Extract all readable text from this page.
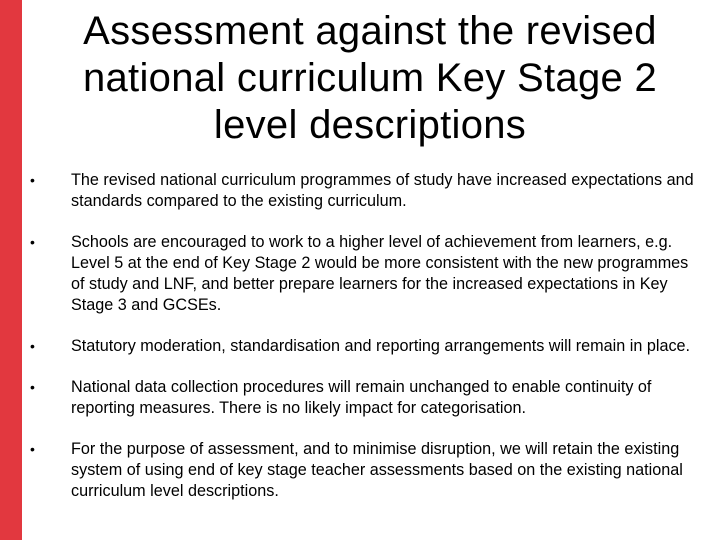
Assessment against the revised national curriculum Key Stage 2 level descriptions
•	The revised national curriculum programmes of study have increased expectations and standards compared to the existing curriculum.
•	Schools are encouraged to work to a higher level of achievement from learners, e.g. Level 5 at the end of Key Stage 2 would be more consistent with the new programmes of study and LNF, and better prepare learners for the increased expectations in Key Stage 3 and GCSEs.
•	Statutory moderation, standardisation and reporting arrangements will remain in place.
•	National data collection procedures will remain unchanged to enable continuity of reporting measures. There is no likely impact for categorisation.
•	For the purpose of assessment, and to minimise disruption, we will retain the existing system of using end of key stage teacher assessments based on the existing national curriculum level descriptions.
